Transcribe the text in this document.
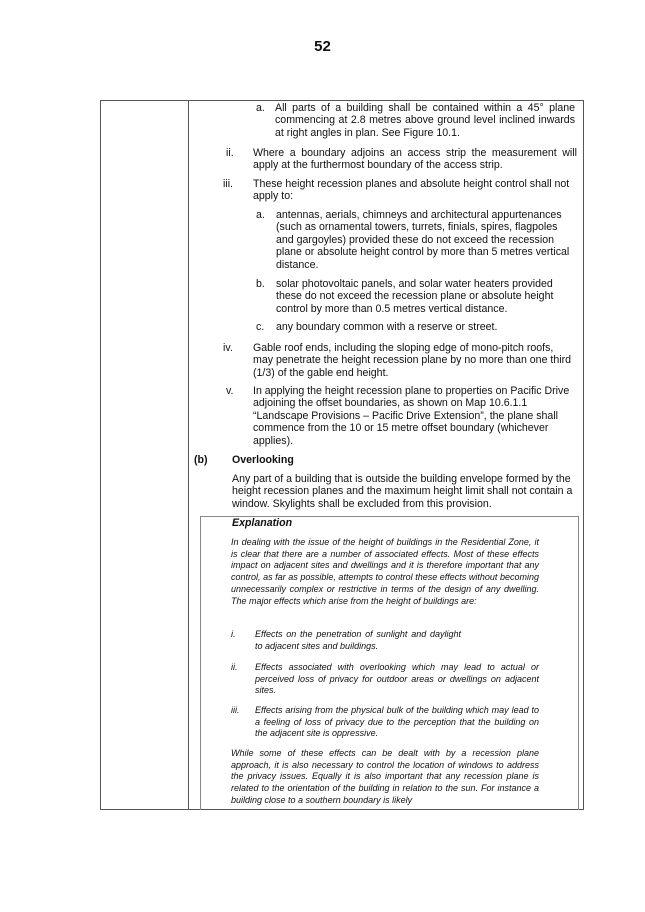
52
a. All parts of a building shall be contained within a 45° plane commencing at 2.8 metres above ground level inclined inwards at right angles in plan. See Figure 10.1.
ii. Where a boundary adjoins an access strip the measurement will apply at the furthermost boundary of the access strip.
iii. These height recession planes and absolute height control shall not apply to:
a. antennas, aerials, chimneys and architectural appurtenances (such as ornamental towers, turrets, finials, spires, flagpoles and gargoyles) provided these do not exceed the recession plane or absolute height control by more than 5 metres vertical distance.
b. solar photovoltaic panels, and solar water heaters provided these do not exceed the recession plane or absolute height control by more than 0.5 metres vertical distance.
c. any boundary common with a reserve or street.
iv. Gable roof ends, including the sloping edge of mono-pitch roofs, may penetrate the height recession plane by no more than one third (1/3) of the gable end height.
v. In applying the height recession plane to properties on Pacific Drive adjoining the offset boundaries, as shown on Map 10.6.1.1 “Landscape Provisions – Pacific Drive Extension”, the plane shall commence from the 10 or 15 metre offset boundary (whichever applies).
(b) Overlooking
Any part of a building that is outside the building envelope formed by the height recession planes and the maximum height limit shall not contain a window. Skylights shall be excluded from this provision.
Explanation
In dealing with the issue of the height of buildings in the Residential Zone, it is clear that there are a number of associated effects. Most of these effects impact on adjacent sites and dwellings and it is therefore important that any control, as far as possible, attempts to control these effects without becoming unnecessarily complex or restrictive in terms of the design of any dwelling. The major effects which arise from the height of buildings are:
i. Effects on the penetration of sunlight and daylight to adjacent sites and buildings.
ii. Effects associated with overlooking which may lead to actual or perceived loss of privacy for outdoor areas or dwellings on adjacent sites.
iii. Effects arising from the physical bulk of the building which may lead to a feeling of loss of privacy due to the perception that the building on the adjacent site is oppressive.
While some of these effects can be dealt with by a recession plane approach, it is also necessary to control the location of windows to address the privacy issues. Equally it is also important that any recession plane is related to the orientation of the building in relation to the sun. For instance a building close to a southern boundary is likely
